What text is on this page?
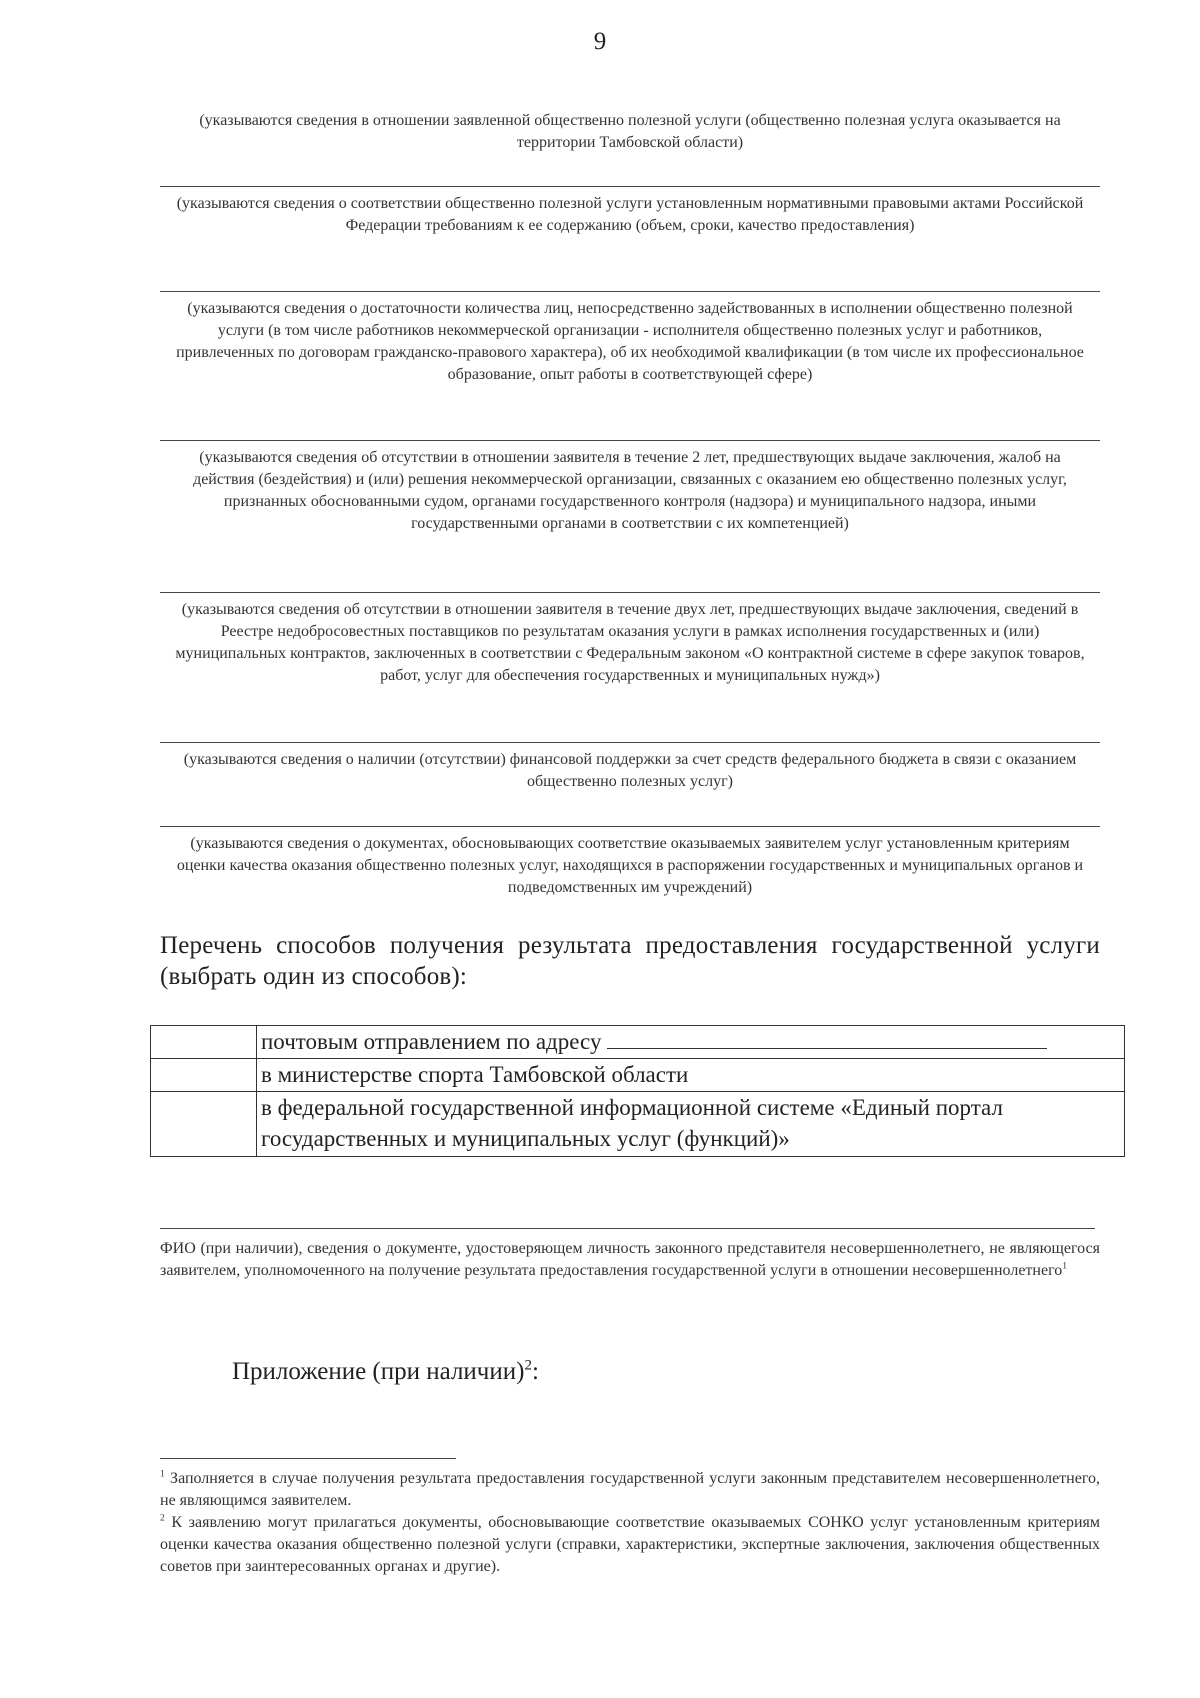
9
(указываются сведения в отношении заявленной общественно полезной услуги (общественно полезная услуга оказывается на территории Тамбовской области)
(указываются сведения о соответствии общественно полезной услуги установленным нормативными правовыми актами Российской Федерации требованиям к ее содержанию (объем, сроки, качество предоставления)
(указываются сведения о достаточности количества лиц, непосредственно задействованных в исполнении общественно полезной услуги (в том числе работников некоммерческой организации - исполнителя общественно полезных услуг и работников, привлеченных по договорам гражданско-правового характера), об их необходимой квалификации (в том числе их профессиональное образование, опыт работы в соответствующей сфере)
(указываются сведения об отсутствии в отношении заявителя в течение 2 лет, предшествующих выдаче заключения, жалоб на действия (бездействия) и (или) решения некоммерческой организации, связанных с оказанием ею общественно полезных услуг, признанных обоснованными судом, органами государственного контроля (надзора) и муниципального надзора, иными государственными органами в соответствии с их компетенцией)
(указываются сведения об отсутствии в отношении заявителя в течение двух лет, предшествующих выдаче заключения, сведений в Реестре недобросовестных поставщиков по результатам оказания услуги в рамках исполнения государственных и (или) муниципальных контрактов, заключенных в соответствии с Федеральным законом «О контрактной системе в сфере закупок товаров, работ, услуг для обеспечения государственных и муниципальных нужд»)
(указываются сведения о наличии (отсутствии) финансовой поддержки за счет средств федерального бюджета в связи с оказанием общественно полезных услуг)
(указываются сведения о документах, обосновывающих соответствие оказываемых заявителем услуг установленным критериям оценки качества оказания общественно полезных услуг, находящихся в распоряжении государственных и муниципальных органов и подведомственных им учреждений)
Перечень способов получения результата предоставления государственной услуги (выбрать один из способов):
	почтовым отправлением по адресу
	в министерстве спорта Тамбовской области
	в федеральной государственной информационной системе «Единый портал государственных и муниципальных услуг (функций)»
ФИО (при наличии), сведения о документе, удостоверяющем личность законного представителя несовершеннолетнего, не являющегося заявителем, уполномоченного на получение результата предоставления государственной услуги в отношении несовершеннолетнего$^1$
Приложение (при наличии)$^2$:

$^1$ Заполняется в случае получения результата предоставления государственной услуги законным представителем несовершеннолетнего, не являющимся заявителем.

$^2$ К заявлению могут прилагаться документы, обосновывающие соответствие оказываемых СОНКО услуг установленным критериям оценки качества оказания общественно полезной услуги (справки, характеристики, экспертные заключения, заключения общественных советов при заинтересованных органах и другие).
